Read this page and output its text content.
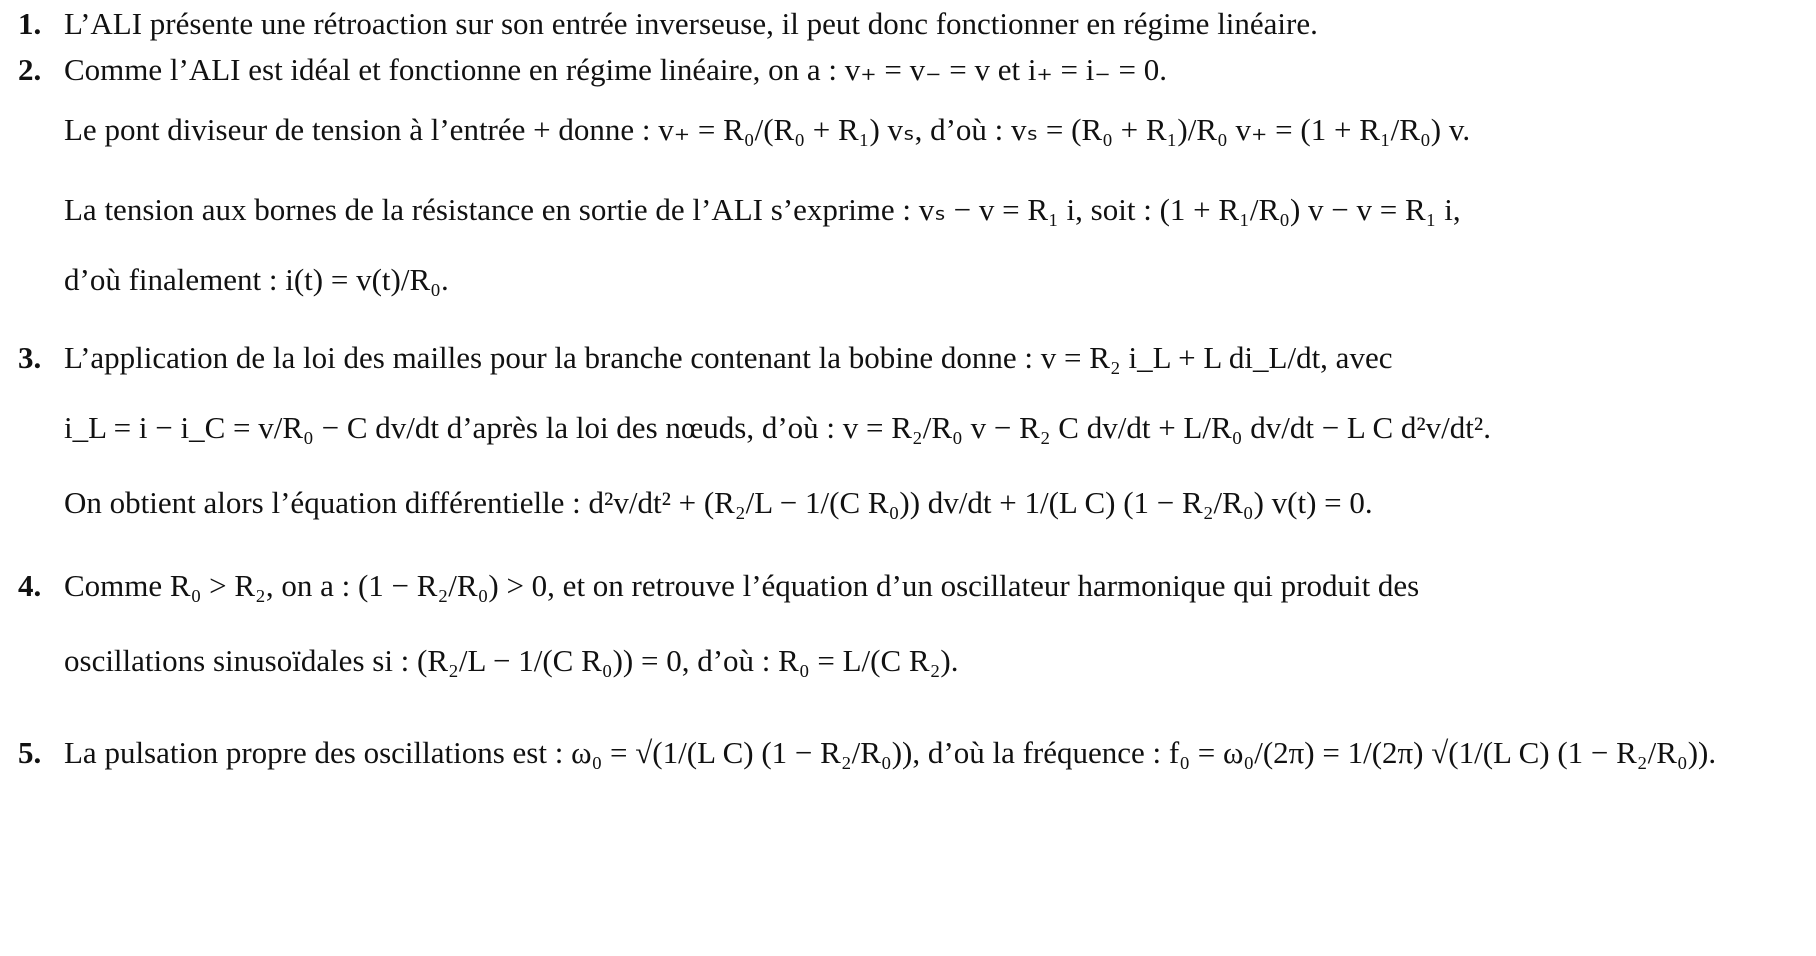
1. L’ALI présente une rétroaction sur son entrée inverseuse, il peut donc fonctionner en régime linéaire.
2. Comme l’ALI est idéal et fonctionne en régime linéaire, on a : v₊ = v₋ = v et i₊ = i₋ = 0.
Le pont diviseur de tension à l’entrée + donne : v₊ = R₀/(R₀ + R₁) vₛ, d’où : vₛ = (R₀ + R₁)/R₀ v₊ = (1 + R₁/R₀) v.
La tension aux bornes de la résistance en sortie de l’ALI s’exprime : vₛ − v = R₁ i, soit : (1 + R₁/R₀) v − v = R₁ i,
d’où finalement : i(t) = v(t)/R₀.
3. L’application de la loi des mailles pour la branche contenant la bobine donne : v = R₂ i_L + L di_L/dt, avec
i_L = i − i_C = v/R₀ − C dv/dt d’après la loi des nœuds, d’où : v = R₂/R₀ v − R₂ C dv/dt + L/R₀ dv/dt − L C d²v/dt².
On obtient alors l’équation différentielle : d²v/dt² + (R₂/L − 1/(C R₀)) dv/dt + 1/(L C) (1 − R₂/R₀) v(t) = 0.
4. Comme R₀ > R₂, on a : (1 − R₂/R₀) > 0, et on retrouve l’équation d’un oscillateur harmonique qui produit des
oscillations sinusoïdales si : (R₂/L − 1/(C R₀)) = 0, d’où : R₀ = L/(C R₂).
5. La pulsation propre des oscillations est : ω₀ = √(1/(L C) (1 − R₂/R₀)), d’où la fréquence : f₀ = ω₀/(2π) = 1/(2π) √(1/(L C) (1 − R₂/R₀)).
